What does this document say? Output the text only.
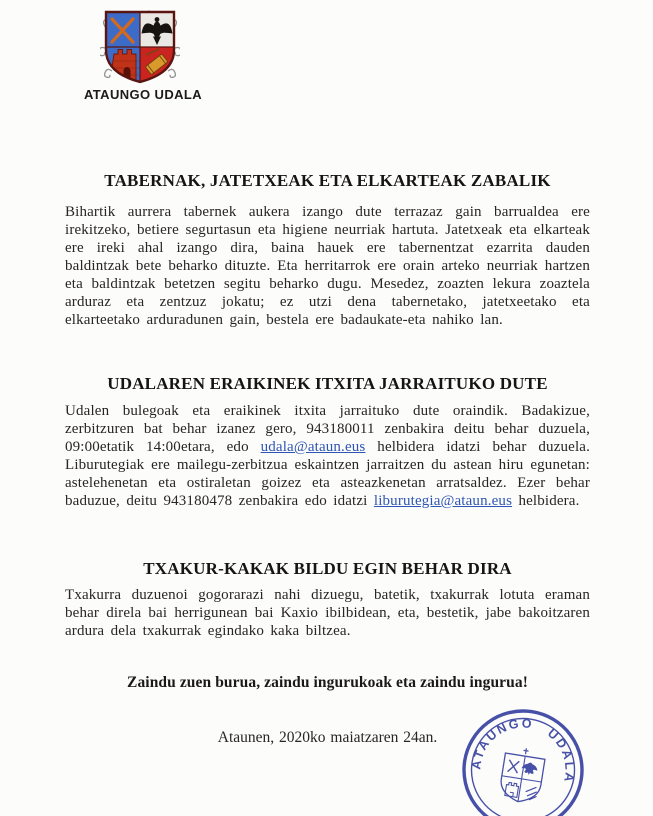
ATAUNGO UDALA
TABERNAK, JATETXEAK ETA ELKARTEAK ZABALIK
Bihartik aurrera tabernek aukera izango dute terrazaz gain barrualdea ere irekitzeko, betiere segurtasun eta higiene neurriak hartuta. Jatetxeak eta elkarteak ere ireki ahal izango dira, baina hauek ere tabernentzat ezarrita dauden baldintzak bete beharko dituzte. Eta herritarrok ere orain arteko neurriak hartzen eta baldintzak betetzen segitu beharko dugu. Mesedez, zoazten lekura zoaztela arduraz eta zentzuz jokatu; ez utzi dena tabernetako, jatetxeetako eta elkarteetako arduradunen gain, bestela ere badaukate-eta nahiko lan.
UDALAREN ERAIKINEK ITXITA JARRAITUKO DUTE
Udalen bulegoak eta eraikinek itxita jarraituko dute oraindik. Badakizue, zerbitzuren bat behar izanez gero, 943180011 zenbakira deitu behar duzuela, 09:00etatik 14:00etara, edo udala@ataun.eus helbidera idatzi behar duzuela. Liburutegiak ere mailegu-zerbitzua eskaintzen jarraitzen du astean hiru egunetan: astelehenetan eta ostiraletan goizez eta asteazkenetan arratsaldez. Ezer behar baduzue, deitu 943180478 zenbakira edo idatzi liburutegia@ataun.eus helbidera.
TXAKUR-KAKAK BILDU EGIN BEHAR DIRA
Txakurra duzuenoi gogorarazi nahi dizuegu, batetik, txakurrak lotuta eraman behar direla bai herrigunean bai Kaxio ibilbidean, eta, bestetik, jabe bakoitzaren ardura dela txakurrak egindako kaka biltzea.
Zaindu zuen burua, zaindu ingurukoak eta zaindu ingurua!
Ataunen, 2020ko maiatzaren 24an.
ATAUNGO UDALA
